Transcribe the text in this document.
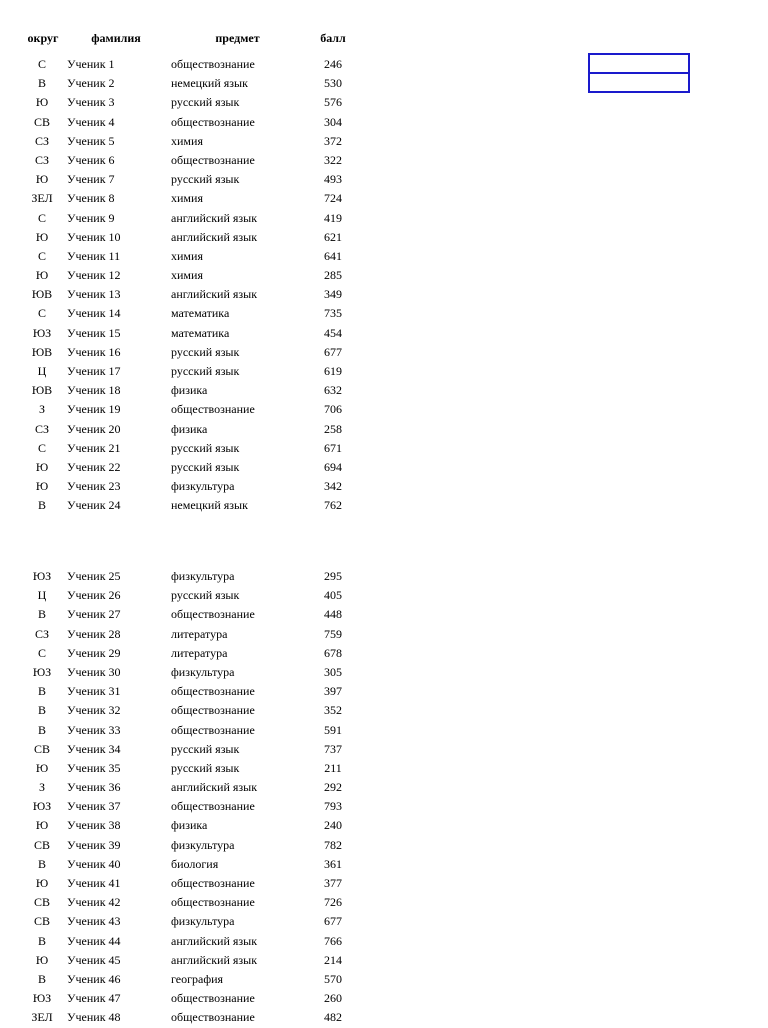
округ	фамилия	предмет	балл
С	Ученик 1	обществознание	246
В	Ученик 2	немецкий язык	530
Ю	Ученик 3	русский язык	576
СВ	Ученик 4	обществознание	304
СЗ	Ученик 5	химия	372
СЗ	Ученик 6	обществознание	322
Ю	Ученик 7	русский язык	493
ЗЕЛ	Ученик 8	химия	724
С	Ученик 9	английский язык	419
Ю	Ученик 10	английский язык	621
С	Ученик 11	химия	641
Ю	Ученик 12	химия	285
ЮВ	Ученик 13	английский язык	349
С	Ученик 14	математика	735
ЮЗ	Ученик 15	математика	454
ЮВ	Ученик 16	русский язык	677
Ц	Ученик 17	русский язык	619
ЮВ	Ученик 18	физика	632
З	Ученик 19	обществознание	706
СЗ	Ученик 20	физика	258
С	Ученик 21	русский язык	671
Ю	Ученик 22	русский язык	694
Ю	Ученик 23	физкультура	342
В	Ученик 24	немецкий язык	762
ЮЗ	Ученик 25	физкультура	295
Ц	Ученик 26	русский язык	405
В	Ученик 27	обществознание	448
СЗ	Ученик 28	литература	759
С	Ученик 29	литература	678
ЮЗ	Ученик 30	физкультура	305
В	Ученик 31	обществознание	397
В	Ученик 32	обществознание	352
В	Ученик 33	обществознание	591
СВ	Ученик 34	русский язык	737
Ю	Ученик 35	русский язык	211
З	Ученик 36	английский язык	292
ЮЗ	Ученик 37	обществознание	793
Ю	Ученик 38	физика	240
СВ	Ученик 39	физкультура	782
В	Ученик 40	биология	361
Ю	Ученик 41	обществознание	377
СВ	Ученик 42	обществознание	726
СВ	Ученик 43	физкультура	677
В	Ученик 44	английский язык	766
Ю	Ученик 45	английский язык	214
В	Ученик 46	география	570
ЮЗ	Ученик 47	обществознание	260
ЗЕЛ	Ученик 48	обществознание	482
